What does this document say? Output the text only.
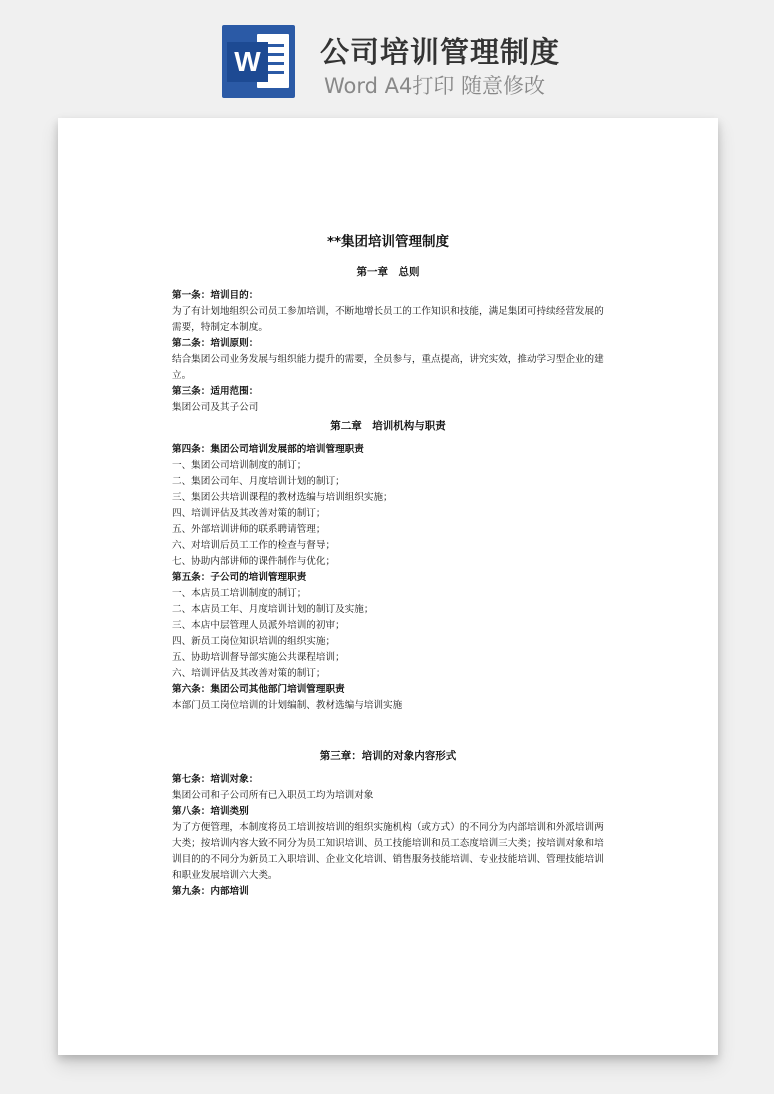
W 公司培训管理制度
Word A4打印 随意修改
​
**集团培训管理制度
第一章　总则
第一条：培训目的：
为了有计划地组织公司员工参加培训，不断地增长员工的工作知识和技能，满足集团可持续经营发展的需要，特制定本制度。
第二条：培训原则：
结合集团公司业务发展与组织能力提升的需要，全员参与，重点提高，讲究实效，推动学习型企业的建立。
第三条：适用范围：
集团公司及其子公司
第二章　培训机构与职责
第四条：集团公司培训发展部的培训管理职责
一、集团公司培训制度的制订；
二、集团公司年、月度培训计划的制订；
三、集团公共培训课程的教材选编与培训组织实施；
四、培训评估及其改善对策的制订；
五、外部培训讲师的联系聘请管理；
六、对培训后员工工作的检查与督导；
七、协助内部讲师的课件制作与优化；
第五条：子公司的培训管理职责
一、本店员工培训制度的制订；
二、本店员工年、月度培训计划的制订及实施；
三、本店中层管理人员派外培训的初审；
四、新员工岗位知识培训的组织实施；
五、协助培训督导部实施公共课程培训；
六、培训评估及其改善对策的制订；
第六条：集团公司其他部门培训管理职责
本部门员工岗位培训的计划编制、教材选编与培训实施
第三章：培训的对象内容形式
第七条：培训对象：
集团公司和子公司所有已入职员工均为培训对象
第八条：培训类别
为了方便管理，本制度将员工培训按培训的组织实施机构（或方式）的不同分为内部培训和外派培训两大类；按培训内容大致不同分为员工知识培训、员工技能培训和员工态度培训三大类；按培训对象和培训目的的不同分为新员工入职培训、企业文化培训、销售服务技能培训、专业技能培训、管理技能培训和职业发展培训六大类。
第九条：内部培训
